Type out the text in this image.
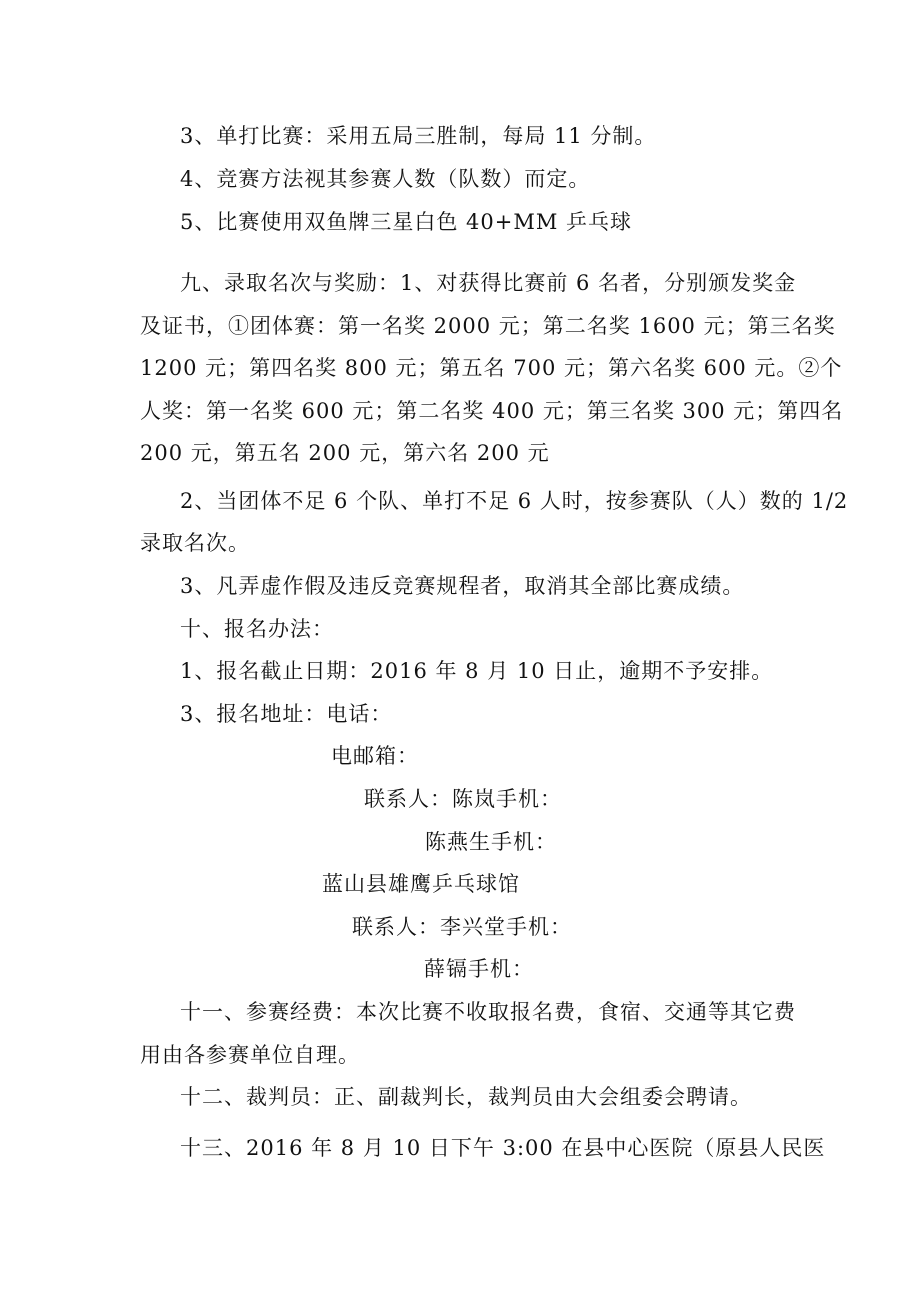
3、单打比赛：采用五局三胜制，每局 11 分制。
4、竞赛方法视其参赛人数（队数）而定。
5、比赛使用双鱼牌三星白色 40+MM 乒乓球
九、录取名次与奖励：1、对获得比赛前 6 名者，分别颁发奖金
及证书，①团体赛：第一名奖 2000 元；第二名奖 1600 元；第三名奖
1200 元；第四名奖 800 元；第五名 700 元；第六名奖 600 元。②个
人奖：第一名奖 600 元；第二名奖 400 元；第三名奖 300 元；第四名
200 元，第五名 200 元，第六名 200 元
2、当团体不足 6 个队、单打不足 6 人时，按参赛队（人）数的 1/2
录取名次。
3、凡弄虚作假及违反竞赛规程者，取消其全部比赛成绩。
十、报名办法：
1、报名截止日期：2016 年 8 月 10 日止，逾期不予安排。
3、报名地址：电话：
电邮箱：
联系人：陈岚手机：
陈燕生手机：
蓝山县雄鹰乒乓球馆
联系人：李兴堂手机：
薛镉手机：
十一、参赛经费：本次比赛不收取报名费，食宿、交通等其它费
用由各参赛单位自理。
十二、裁判员：正、副裁判长，裁判员由大会组委会聘请。
十三、2016 年 8 月 10 日下午 3:00 在县中心医院（原县人民医
